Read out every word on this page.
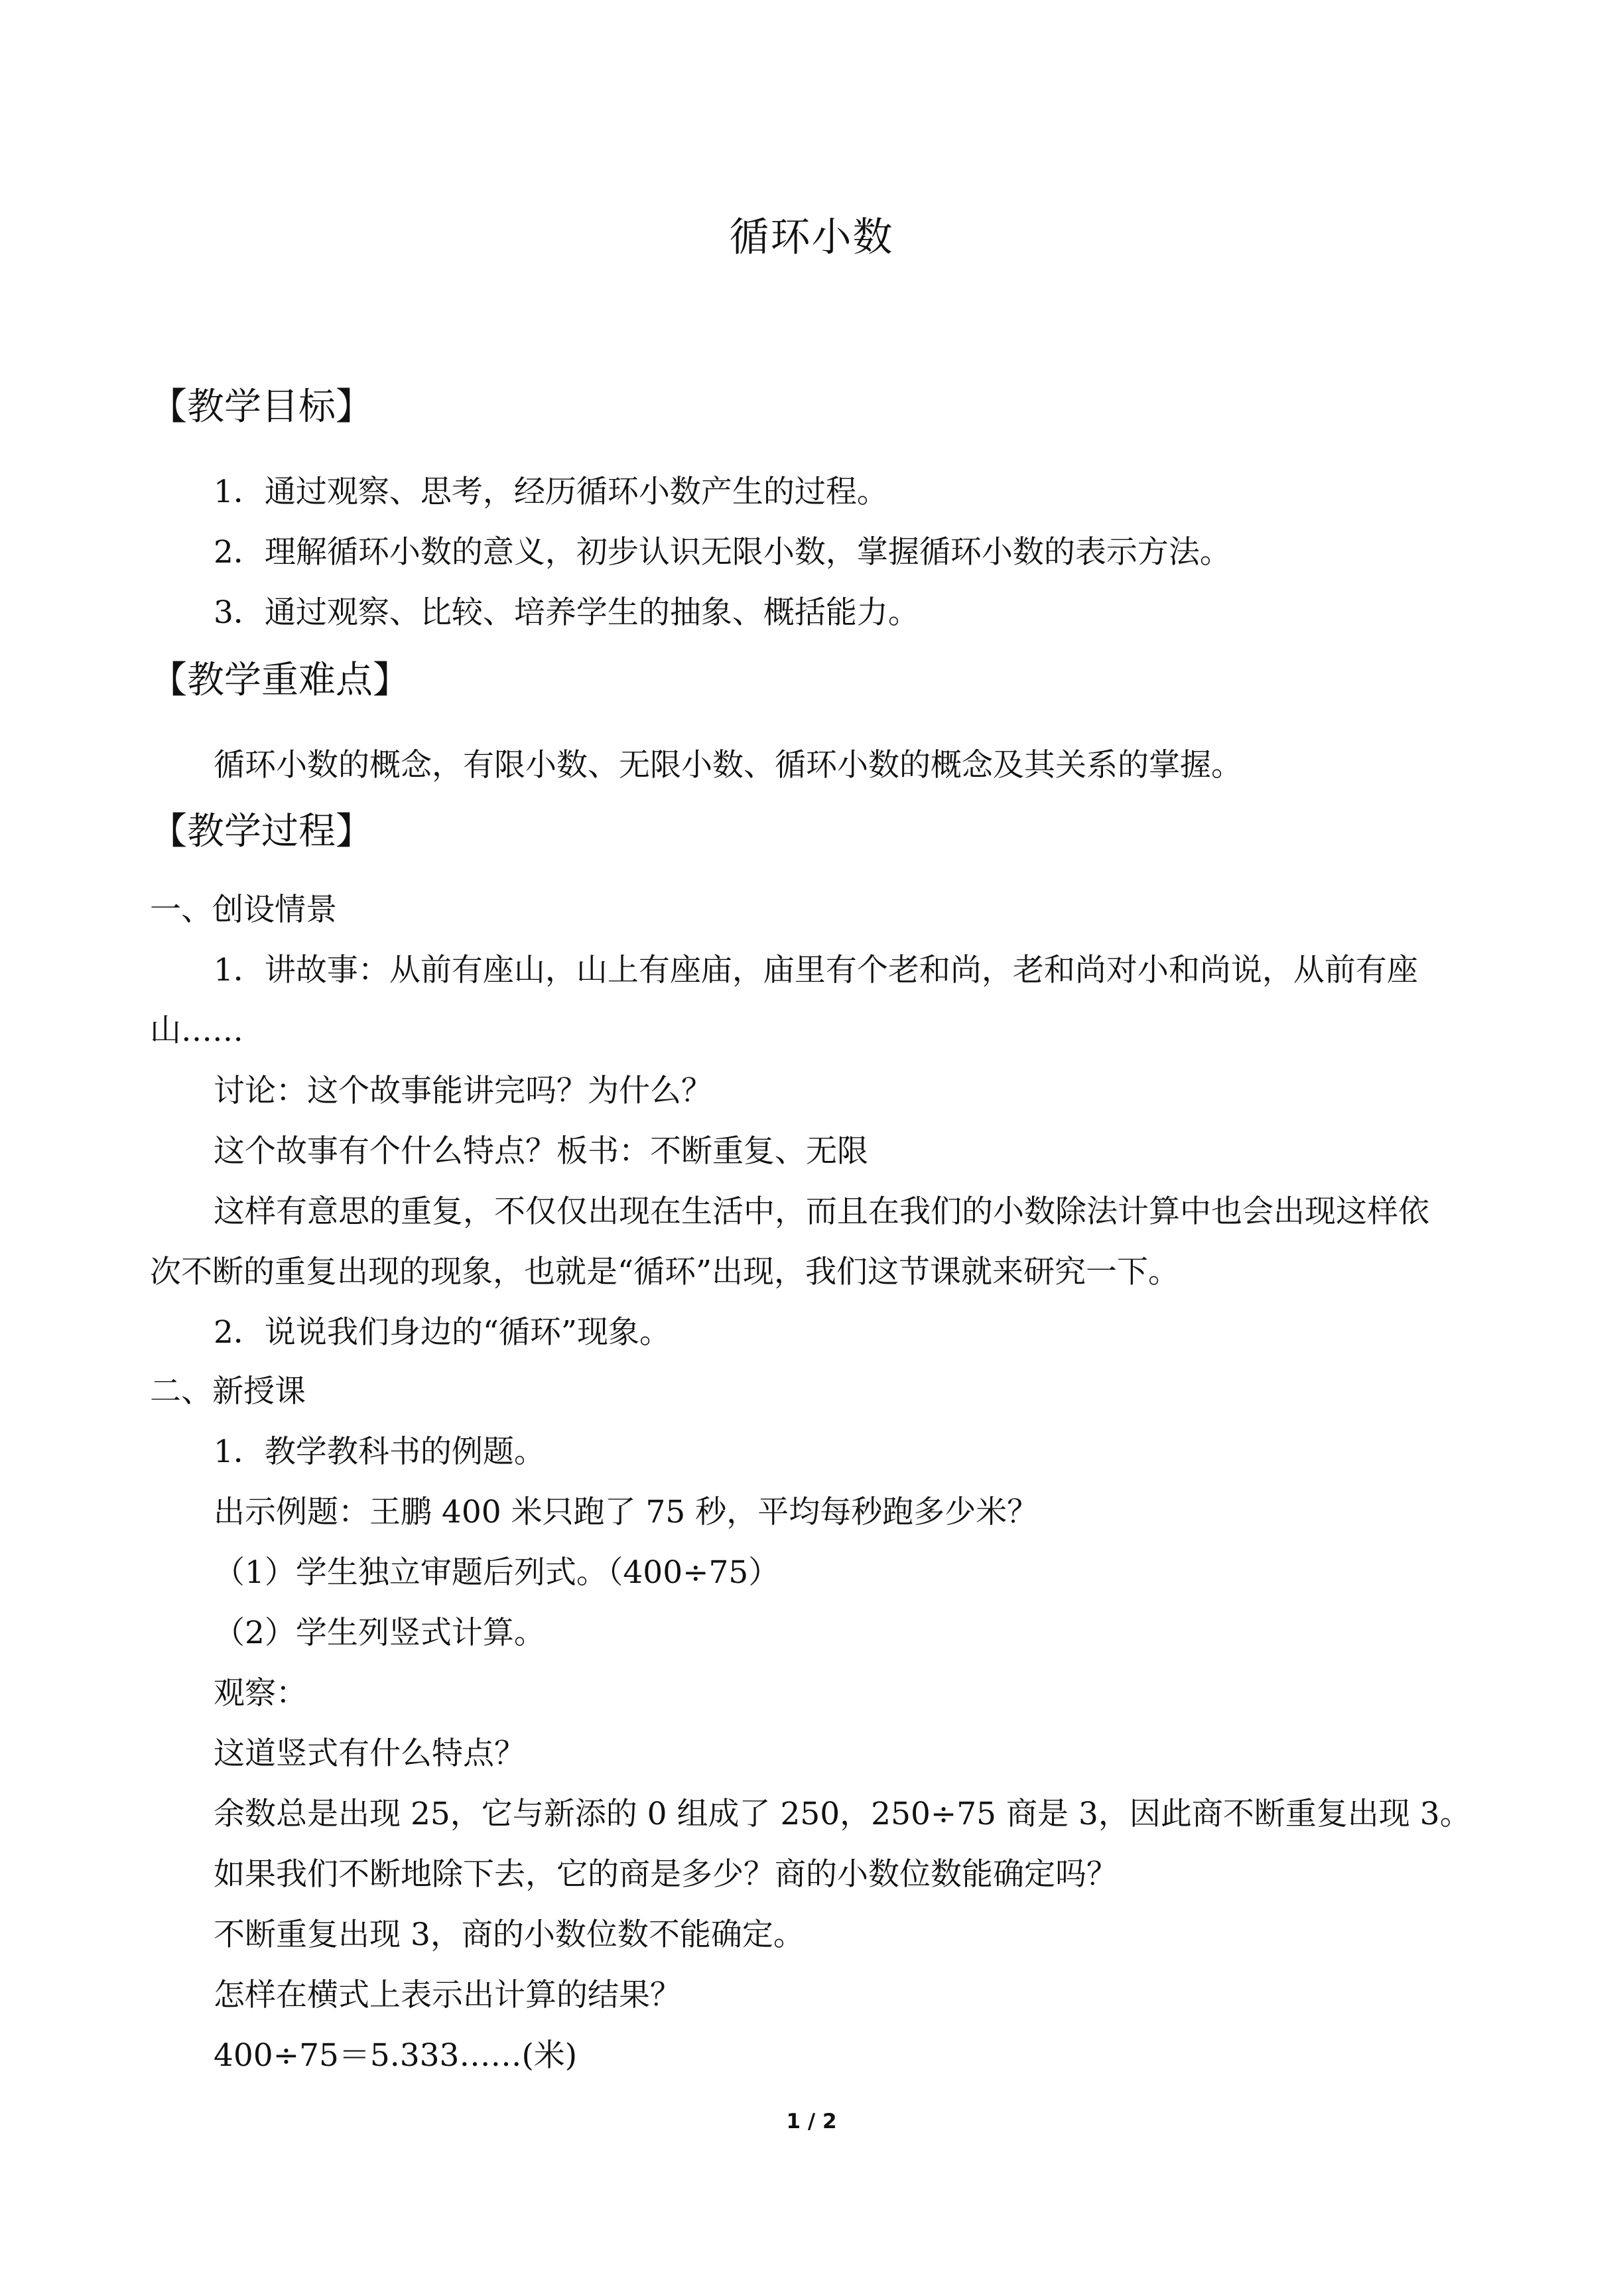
循环小数
【教学目标】
1．通过观察、思考，经历循环小数产生的过程。
2．理解循环小数的意义，初步认识无限小数，掌握循环小数的表示方法。
3．通过观察、比较、培养学生的抽象、概括能力。
【教学重难点】
循环小数的概念，有限小数、无限小数、循环小数的概念及其关系的掌握。
【教学过程】
一、创设情景
1．讲故事：从前有座山，山上有座庙，庙里有个老和尚，老和尚对小和尚说，从前有座
山……
讨论：这个故事能讲完吗？为什么？
这个故事有个什么特点？板书：不断重复、无限
这样有意思的重复，不仅仅出现在生活中，而且在我们的小数除法计算中也会出现这样依
次不断的重复出现的现象，也就是“循环”出现，我们这节课就来研究一下。
2．说说我们身边的“循环”现象。
二、新授课
1．教学教科书的例题。
出示例题：王鹏 400 米只跑了 75 秒，平均每秒跑多少米？
（1）学生独立审题后列式。（400÷75）
（2）学生列竖式计算。
观察：
这道竖式有什么特点？
余数总是出现 25，它与新添的 0 组成了 250，250÷75 商是 3，因此商不断重复出现 3。
如果我们不断地除下去，它的商是多少？商的小数位数能确定吗？
不断重复出现 3，商的小数位数不能确定。
怎样在横式上表示出计算的结果？
400÷75＝5.333……(米)
1 / 2
